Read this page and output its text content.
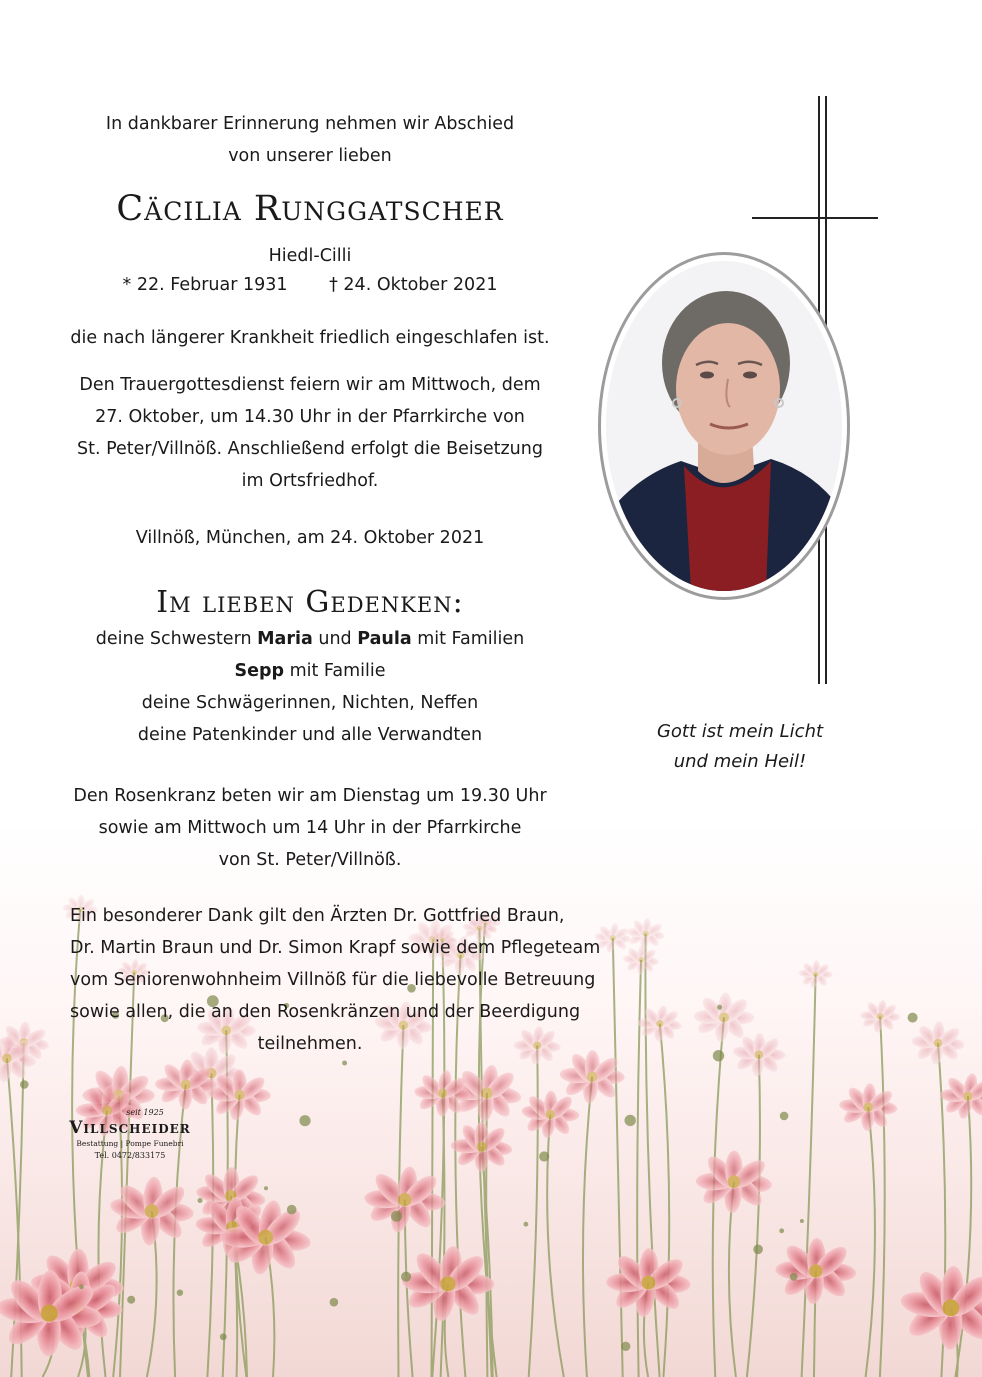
In dankbarer Erinnerung nehmen wir Abschied
von unserer lieben
Cäcilia Runggatscher
Hiedl-Cilli
* 22. Februar 1931 † 24. Oktober 2021
die nach längerer Krankheit friedlich eingeschlafen ist.
Den Trauergottesdienst feiern wir am Mittwoch, dem
27. Oktober, um 14.30 Uhr in der Pfarrkirche von
St. Peter/Villnöß. Anschließend erfolgt die Beisetzung
im Ortsfriedhof.
Villnöß, München, am 24. Oktober 2021
Im lieben Gedenken:
deine Schwestern Maria und Paula mit Familien
Sepp mit Familie
deine Schwägerinnen, Nichten, Neffen
deine Patenkinder und alle Verwandten
Den Rosenkranz beten wir am Dienstag um 19.30 Uhr
sowie am Mittwoch um 14 Uhr in der Pfarrkirche
von St. Peter/Villnöß.
Ein besonderer Dank gilt den Ärzten Dr. Gottfried Braun,
Dr. Martin Braun und Dr. Simon Krapf sowie dem Pflegeteam
vom Seniorenwohnheim Villnöß für die liebevolle Betreuung
sowie allen, die an den Rosenkränzen und der Beerdigung
teilnehmen.
Gott ist mein Licht
und mein Heil!
seit 1925
Villscheider
Bestattung | Pompe Funebri
Tel. 0472/833175
